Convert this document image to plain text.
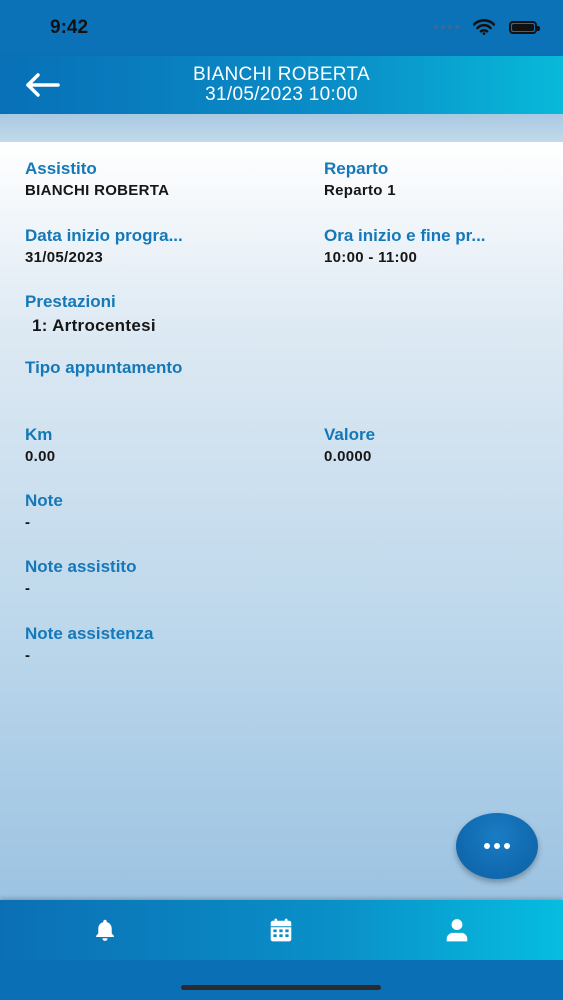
9:42
BIANCHI ROBERTA
31/05/2023 10:00
Assistito
BIANCHI ROBERTA
Reparto
Reparto 1
Data inizio progra...
31/05/2023
Ora inizio e fine pr...
10:00 - 11:00
Prestazioni
1: Artrocentesi
Tipo appuntamento
Km
0.00
Valore
0.0000
Note
-
Note assistito
-
Note assistenza
-
